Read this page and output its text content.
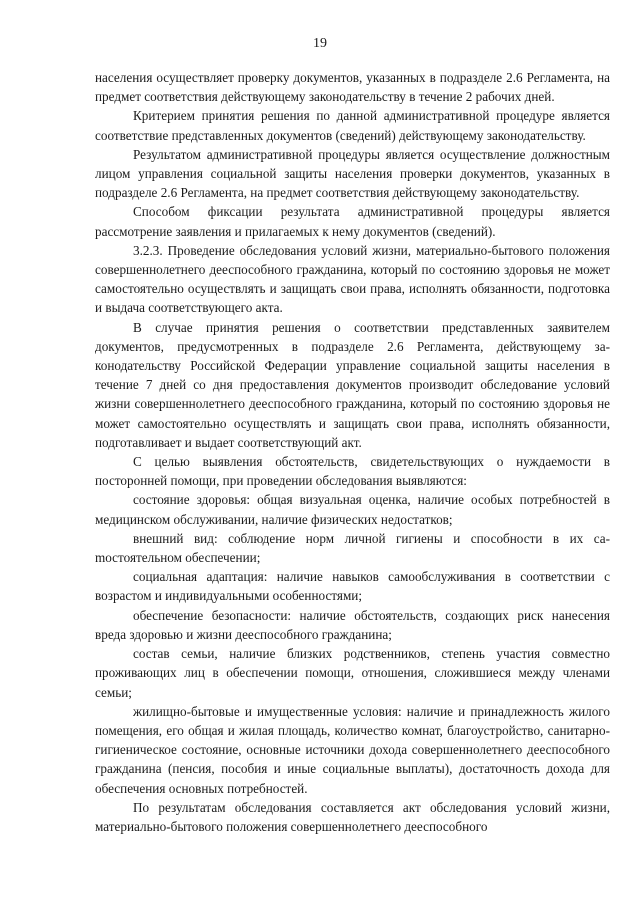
19

населения осуществляет проверку документов, указанных в подразделе 2.6 Регламента, на предмет соответствия действующему законодательству в течение 2 рабочих дней.

Критерием принятия решения по данной административной процедуре является соответствие представленных документов (сведений) действующему законодательству.

Результатом административной процедуры является осуществление должностным лицом управления социальной защиты населения проверки документов, указанных в подразделе 2.6 Регламента, на предмет соответствия действующему законодательству.

Способом фиксации результата административной процедуры является рассмотрение заявления и прилагаемых к нему документов (сведений).

3.2.3. Проведение обследования условий жизни, материально-бытового положения совершеннолетнего дееспособного гражданина, который по состоянию здоровья не может самостоятельно осуществлять и защищать свои права, исполнять обязанности, подготовка и выдача соответствующего акта.

В случае принятия решения о соответствии представленных заявителем документов, предусмотренных в подразделе 2.6 Регламента, действующему законодательству Российской Федерации управление социальной защиты населения в течение 7 дней со дня предоставления документов производит обследование условий жизни совершеннолетнего дееспособного гражданина, который по состоянию здоровья не может самостоятельно осуществлять и защищать свои права, исполнять обязанности, подготавливает и выдает соответствующий акт.

С целью выявления обстоятельств, свидетельствующих о нуждаемости в посторонней помощи, при проведении обследования выявляются:

состояние здоровья: общая визуальная оценка, наличие особых потребностей в медицинском обслуживании, наличие физических недостатков;

внешний вид: соблюдение норм личной гигиены и способности в их саmостоятельном обеспечении;

социальная адаптация: наличие навыков самообслуживания в соответствии с возрастом и индивидуальными особенностями;

обеспечение безопасности: наличие обстоятельств, создающих риск нанесения вреда здоровью и жизни дееспособного гражданина;

состав семьи, наличие близких родственников, степень участия совместно проживающих лиц в обеспечении помощи, отношения, сложившиеся между членами семьи;

жилищно-бытовые и имущественные условия: наличие и принадлежность жилого помещения, его общая и жилая площадь, количество комнат, благоустройство, санитарно-гигиеническое состояние, основные источники дохода совершеннолетнего дееспособного гражданина (пенсия, пособия и иные социальные выплаты), достаточность дохода для обеспечения основных потребностей.

По результатам обследования составляется акт обследования условий жизни, материально-бытового положения совершеннолетнего дееспособного
